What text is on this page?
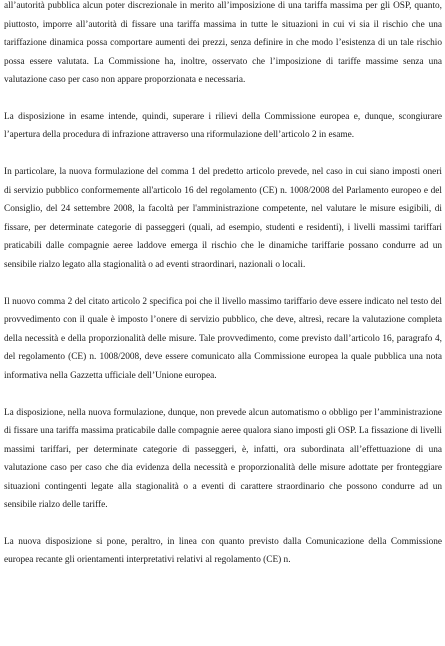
all’autorità pubblica alcun poter discrezionale in merito all’imposizione di una tariffa massima per gli OSP, quanto, piuttosto, imporre all’autorità di fissare una tariffa massima in tutte le situazioni in cui vi sia il rischio che una tariffazione dinamica possa comportare aumenti dei prezzi, senza definire in che modo l’esistenza di un tale rischio possa essere valutata. La Commissione ha, inoltre, osservato che l’imposizione di tariffe massime senza una valutazione caso per caso non appare proporzionata e necessaria.

La disposizione in esame intende, quindi, superare i rilievi della Commissione europea e, dunque, scongiurare l’apertura della procedura di infrazione attraverso una riformulazione dell’articolo 2 in esame.

In particolare, la nuova formulazione del comma 1 del predetto articolo prevede, nel caso in cui siano imposti oneri di servizio pubblico conformemente all'articolo 16 del regolamento (CE) n. 1008/2008 del Parlamento europeo e del Consiglio, del 24 settembre 2008, la facoltà per l'amministrazione competente, nel valutare le misure esigibili, di fissare, per determinate categorie di passeggeri (quali, ad esempio, studenti e residenti), i livelli massimi tariffari praticabili dalle compagnie aeree laddove emerga il rischio che le dinamiche tariffarie possano condurre ad un sensibile rialzo legato alla stagionalità o ad eventi straordinari, nazionali o locali.

Il nuovo comma 2 del citato articolo 2 specifica poi che il livello massimo tariffario deve essere indicato nel testo del provvedimento con il quale è imposto l’onere di servizio pubblico, che deve, altresì, recare la valutazione completa della necessità e della proporzionalità delle misure. Tale provvedimento, come previsto dall’articolo 16, paragrafo 4, del regolamento (CE) n. 1008/2008, deve essere comunicato alla Commissione europea la quale pubblica una nota informativa nella Gazzetta ufficiale dell’Unione europea.

La disposizione, nella nuova formulazione, dunque, non prevede alcun automatismo o obbligo per l’amministrazione di fissare una tariffa massima praticabile dalle compagnie aeree qualora siano imposti gli OSP. La fissazione di livelli massimi tariffari, per determinate categorie di passeggeri, è, infatti, ora subordinata all’effettuazione di una valutazione caso per caso che dia evidenza della necessità e proporzionalità delle misure adottate per fronteggiare situazioni contingenti legate alla stagionalità o a eventi di carattere straordinario che possono condurre ad un sensibile rialzo delle tariffe.

La nuova disposizione si pone, peraltro, in linea con quanto previsto dalla Comunicazione della Commissione europea recante gli orientamenti interpretativi relativi al regolamento (CE) n.
